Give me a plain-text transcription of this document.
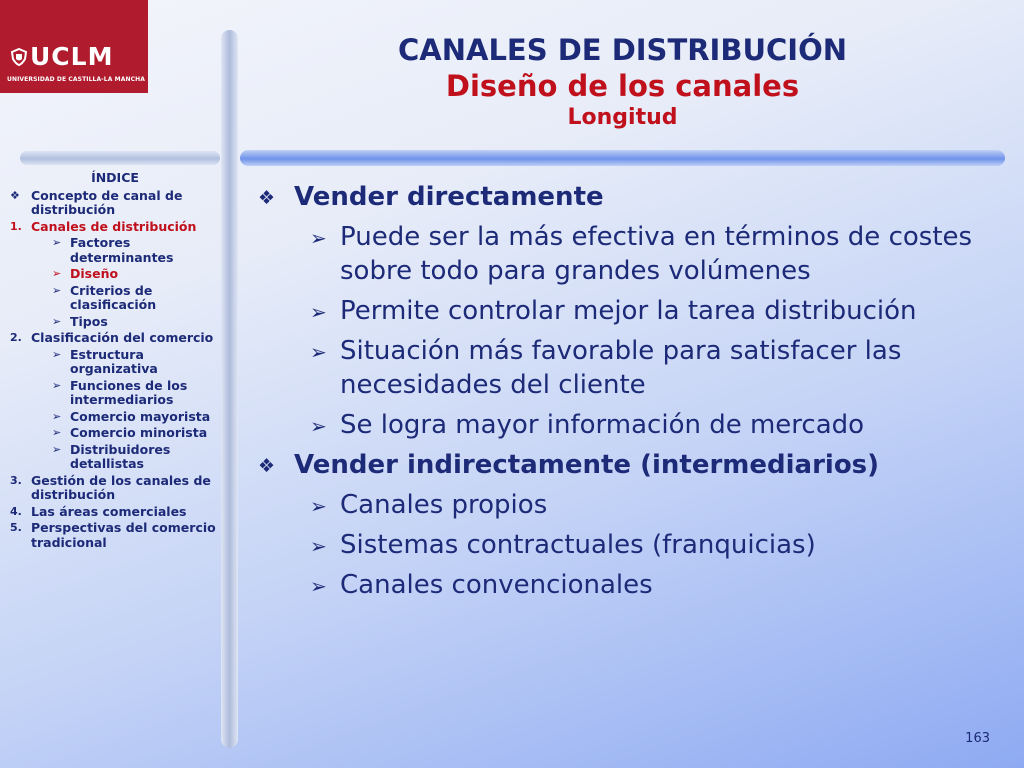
UCLM
UNIVERSIDAD DE CASTILLA-LA MANCHA
CANALES DE DISTRIBUCIÓN
Diseño de los canales
Longitud
ÍNDICE
❖ Concepto de canal de distribución
1. Canales de distribución
➢ Factores determinantes
➢ Diseño
➢ Criterios de clasificación
➢ Tipos
2. Clasificación del comercio
➢ Estructura organizativa
➢ Funciones de los intermediarios
➢ Comercio mayorista
➢ Comercio minorista
➢ Distribuidores detallistas
3. Gestión de los canales de distribución
4. Las áreas comerciales
5. Perspectivas del comercio tradicional
❖ Vender directamente
➢ Puede ser la más efectiva en términos de costes sobre todo para grandes volúmenes
➢ Permite controlar mejor la tarea distribución
➢ Situación más favorable para satisfacer las necesidades del cliente
➢ Se logra mayor información de mercado
❖ Vender indirectamente (intermediarios)
➢ Canales propios
➢ Sistemas contractuales (franquicias)
➢ Canales convencionales
163
